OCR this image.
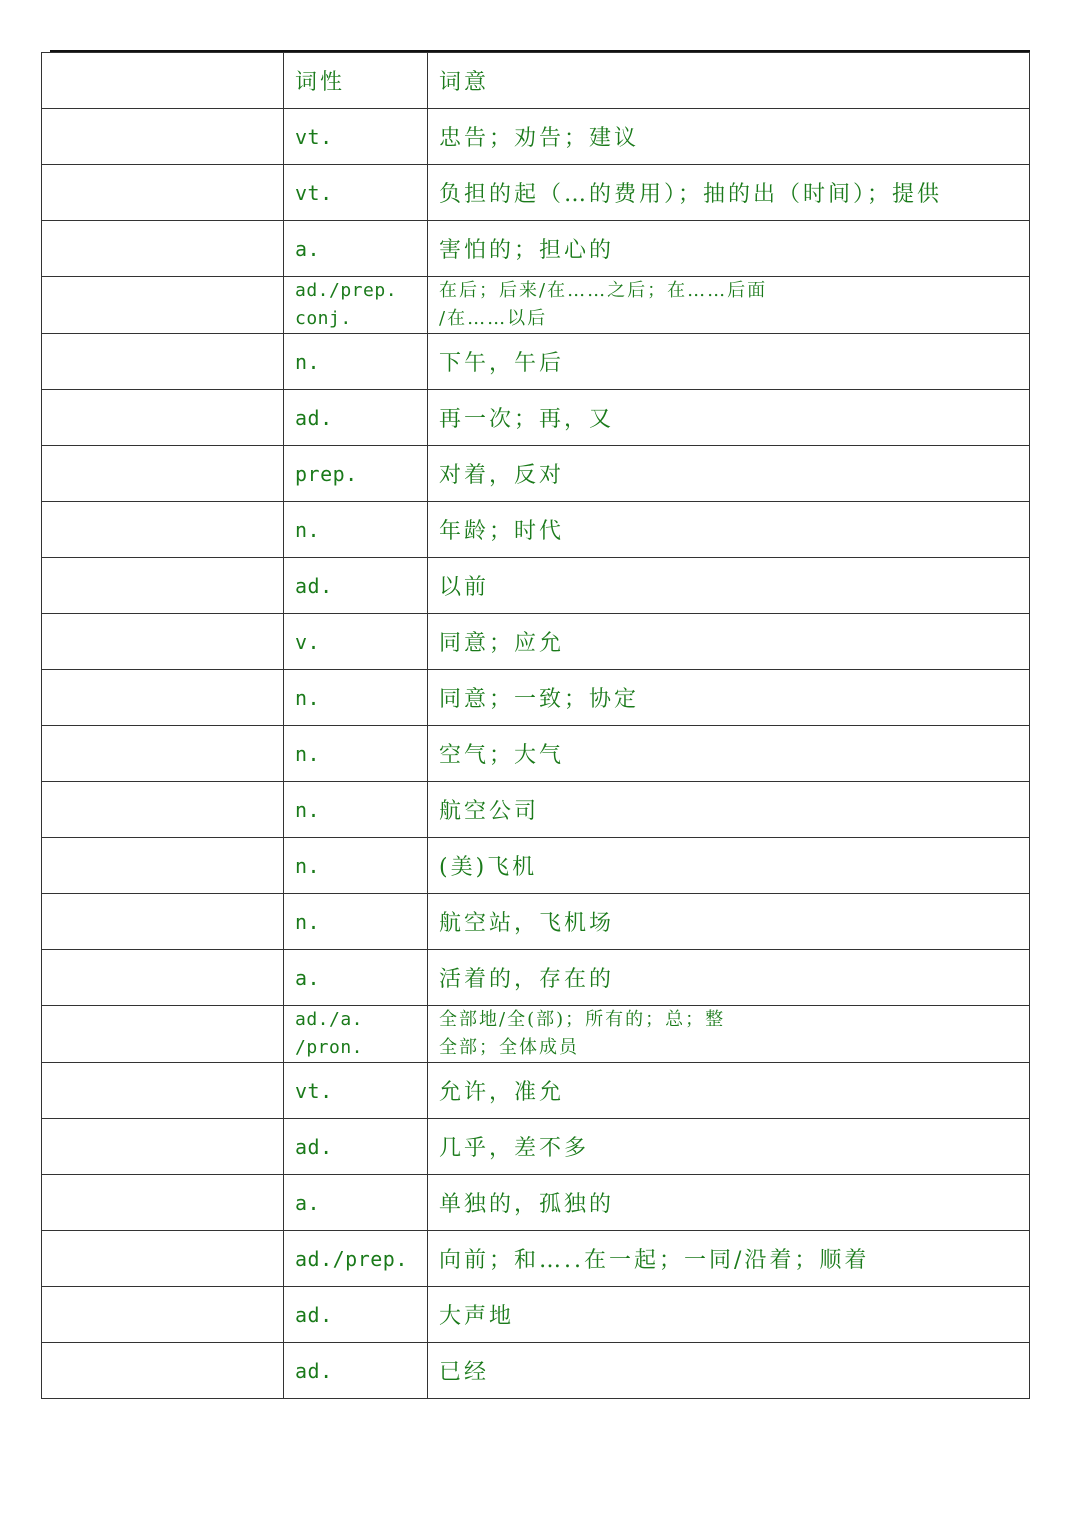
	词性	词意

	vt.	忠告；劝告；建议

	vt.	负担的起（…的费用）；抽的出（时间）；提供

	a.	害怕的；担心的

	ad./prep.
conj.	在后；后来/在……之后；在……后面
/在……以后

	n.	下午，午后

	ad.	再一次；再，又

	prep.	对着，反对

	n.	年龄；时代

	ad.	以前

	v.	同意；应允

	n.	同意；一致；协定

	n.	空气；大气

	n.	航空公司

	n.	(美)飞机

	n.	航空站，飞机场

	a.	活着的，存在的

	ad./a.
/pron.	全部地/全(部)；所有的；总；整
全部；全体成员

	vt.	允许，准允

	ad.	几乎，差不多

	a.	单独的，孤独的

	ad./prep.	向前；和…..在一起；一同/沿着；顺着

	ad.	大声地

	ad.	已经
